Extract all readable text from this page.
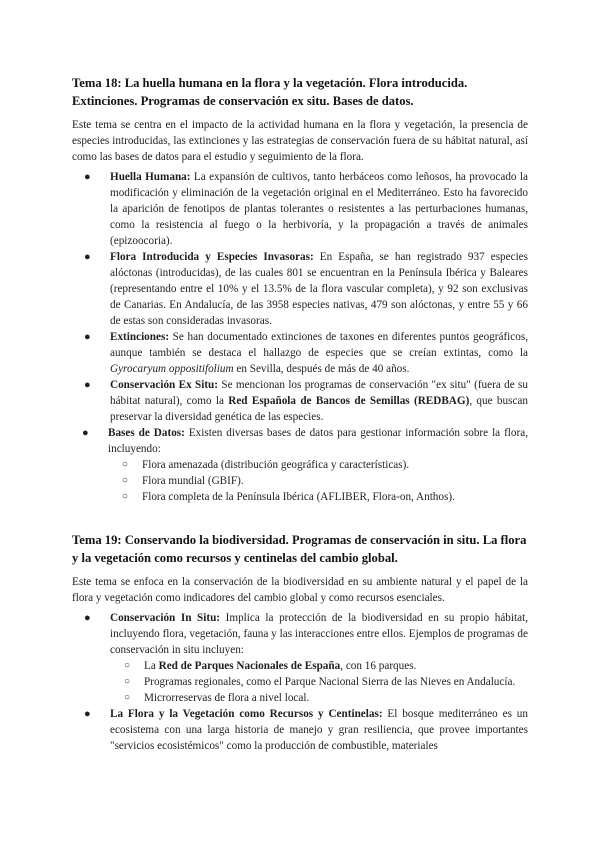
Tema 18: La huella humana en la flora y la vegetación. Flora introducida. Extinciones. Programas de conservación ex situ. Bases de datos.

Este tema se centra en el impacto de la actividad humana en la flora y vegetación, la presencia de especies introducidas, las extinciones y las estrategias de conservación fuera de su hábitat natural, así como las bases de datos para el estudio y seguimiento de la flora.

● Huella Humana: La expansión de cultivos, tanto herbáceos como leñosos, ha provocado la modificación y eliminación de la vegetación original en el Mediterráneo. Esto ha favorecido la aparición de fenotipos de plantas tolerantes o resistentes a las perturbaciones humanas, como la resistencia al fuego o la herbivoría, y la propagación a través de animales (epizoocoria).
● Flora Introducida y Especies Invasoras: En España, se han registrado 937 especies alóctonas (introducidas), de las cuales 801 se encuentran en la Península Ibérica y Baleares (representando entre el 10% y el 13.5% de la flora vascular completa), y 92 son exclusivas de Canarias. En Andalucía, de las 3958 especies nativas, 479 son alóctonas, y entre 55 y 66 de estas son consideradas invasoras.
● Extinciones: Se han documentado extinciones de taxones en diferentes puntos geográficos, aunque también se destaca el hallazgo de especies que se creían extintas, como la Gyrocaryum oppositifolium en Sevilla, después de más de 40 años.
● Conservación Ex Situ: Se mencionan los programas de conservación "ex situ" (fuera de su hábitat natural), como la Red Española de Bancos de Semillas (REDBAG), que buscan preservar la diversidad genética de las especies.
● Bases de Datos: Existen diversas bases de datos para gestionar información sobre la flora, incluyendo:
○ Flora amenazada (distribución geográfica y características).
○ Flora mundial (GBIF).
○ Flora completa de la Península Ibérica (AFLIBER, Flora-on, Anthos).
Tema 19: Conservando la biodiversidad. Programas de conservación in situ. La flora y la vegetación como recursos y centinelas del cambio global.

Este tema se enfoca en la conservación de la biodiversidad en su ambiente natural y el papel de la flora y vegetación como indicadores del cambio global y como recursos esenciales.

● Conservación In Situ: Implica la protección de la biodiversidad en su propio hábitat, incluyendo flora, vegetación, fauna y las interacciones entre ellos. Ejemplos de programas de conservación in situ incluyen:
○ La Red de Parques Nacionales de España, con 16 parques.
○ Programas regionales, como el Parque Nacional Sierra de las Nieves en Andalucía.
○ Microrreservas de flora a nivel local.
● La Flora y la Vegetación como Recursos y Centinelas: El bosque mediterráneo es un ecosistema con una larga historia de manejo y gran resiliencia, que provee importantes "servicios ecosistémicos" como la producción de combustible, materiales
